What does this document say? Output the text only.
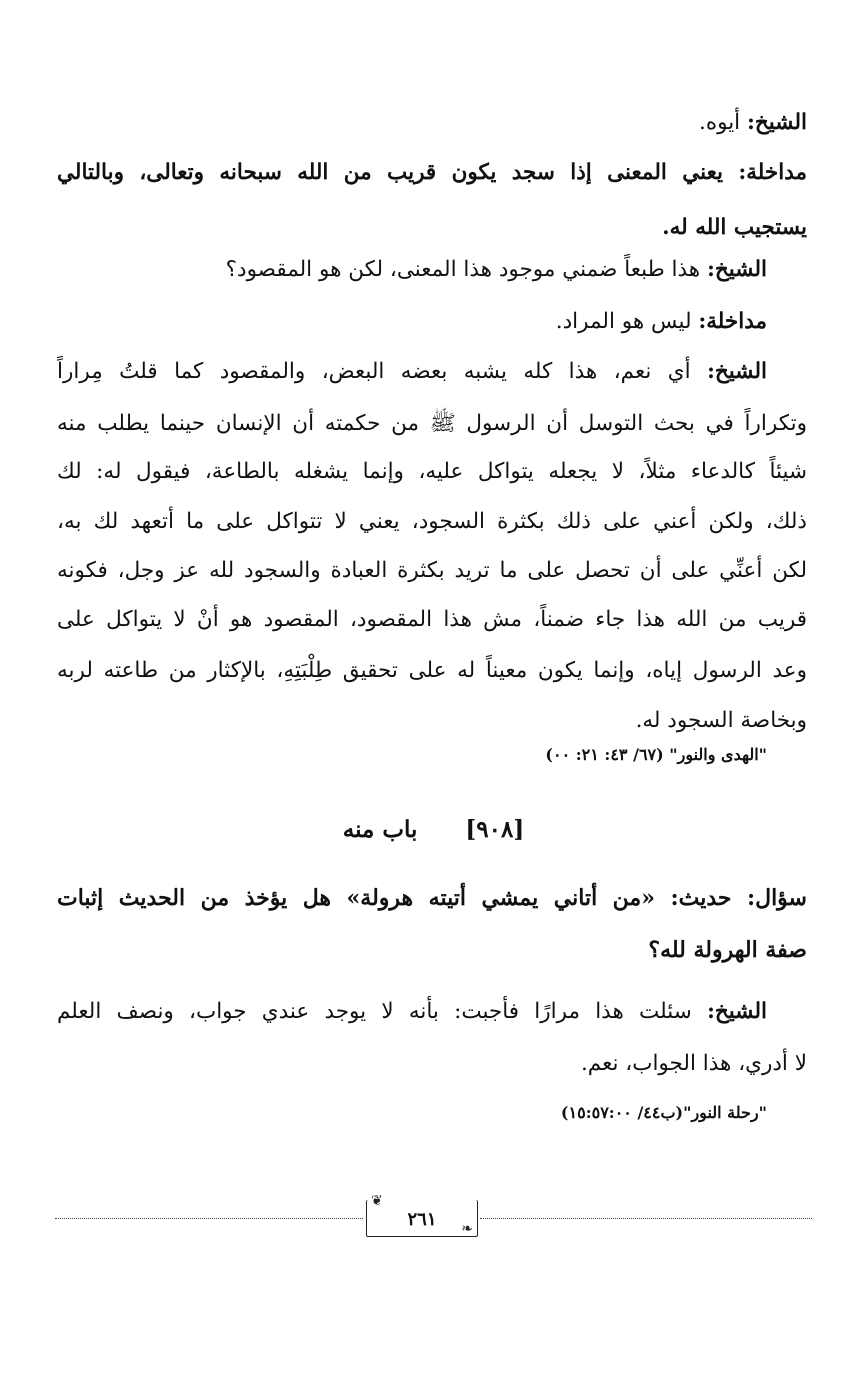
الشيخ: أيوه.
مداخلة: يعني المعنى إذا سجد يكون قريب من الله سبحانه وتعالى، وبالتالي
يستجيب الله له.
الشيخ: هذا طبعاً ضمني موجود هذا المعنى، لكن هو المقصود؟
مداخلة: ليس هو المراد.
الشيخ: أي نعم، هذا كله يشبه بعضه البعض، والمقصود كما قلتُ مِراراً
وتكراراً في بحث التوسل أن الرسول ﷺ من حكمته أن الإنسان حينما يطلب منه
شيئاً كالدعاء مثلاً، لا يجعله يتواكل عليه، وإنما يشغله بالطاعة، فيقول له: لك
ذلك، ولكن أعني على ذلك بكثرة السجود، يعني لا تتواكل على ما أتعهد لك به،
لكن أعنِّي على أن تحصل على ما تريد بكثرة العبادة والسجود لله عز وجل، فكونه
قريب من الله هذا جاء ضمناً، مش هذا المقصود، المقصود هو أنْ لا يتواكل على
وعد الرسول إياه، وإنما يكون معيناً له على تحقيق طِلْبَتِهِ، بالإكثار من طاعته لربه
وبخاصة السجود له.
"الهدى والنور" (٦٧/ ٤٣: ٢١: ٠٠)
[٩٠٨]باب منه
سؤال: حديث: «من أتاني يمشي أتيته هرولة» هل يؤخذ من الحديث إثبات
صفة الهرولة لله؟
الشيخ: سئلت هذا مرارًا فأجبت: بأنه لا يوجد عندي جواب، ونصف العلم
لا أدري، هذا الجواب، نعم.
"رحلة النور"(ب٤٤/ ١٥:٥٧:٠٠)
❦
❧
٢٦١
